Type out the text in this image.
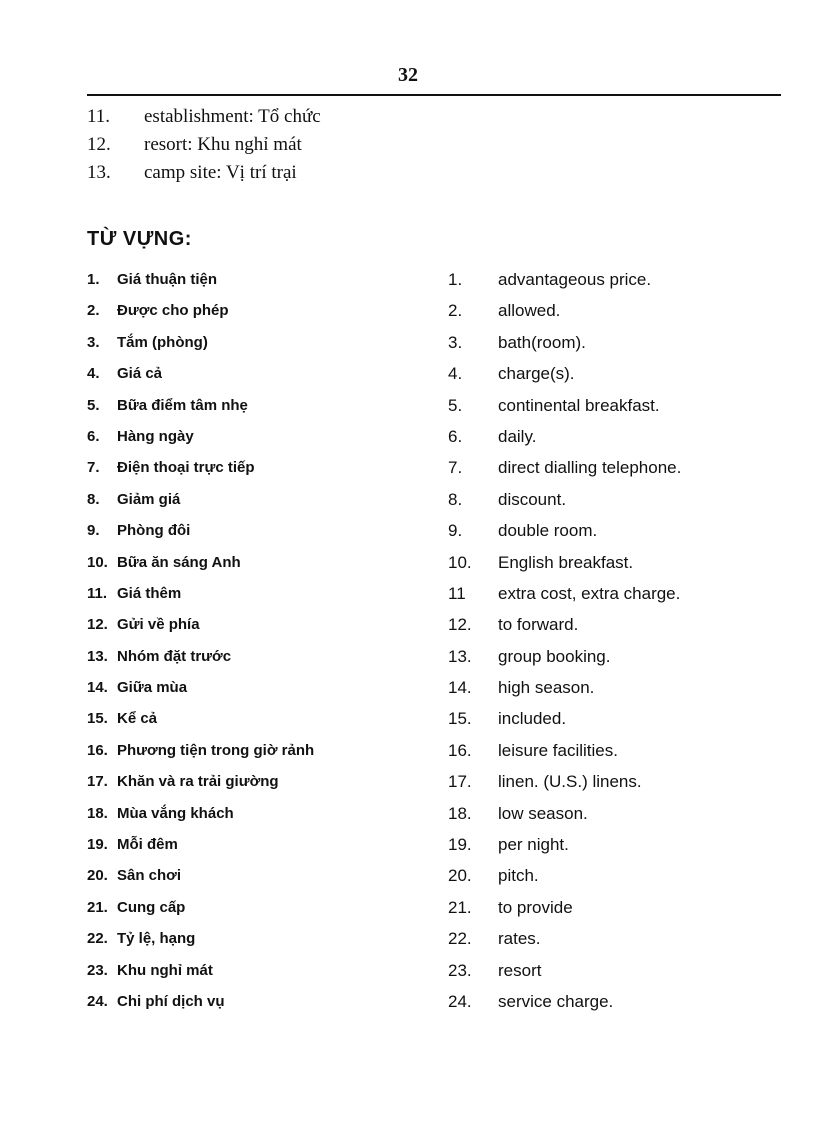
32
11. establishment: Tổ chức
12. resort: Khu nghỉ mát
13. camp site: Vị trí trại
TỪ VỰNG:
1. Giá thuận tiện
2. Được cho phép
3. Tắm (phòng)
4. Giá cả
5. Bữa điểm tâm nhẹ
6. Hàng ngày
7. Điện thoại trực tiếp
8. Giảm giá
9. Phòng đôi
10. Bữa ăn sáng Anh
11. Giá thêm
12. Gửi về phía
13. Nhóm đặt trước
14. Giữa mùa
15. Kể cả
16. Phương tiện trong giờ rảnh
17. Khăn và ra trải giường
18. Mùa vắng khách
19. Mỗi đêm
20. Sân chơi
21. Cung cấp
22. Tỷ lệ, hạng
23. Khu nghỉ mát
24. Chi phí dịch vụ
1. advantageous price.
2. allowed.
3. bath(room).
4. charge(s).
5. continental breakfast.
6. daily.
7. direct dialling telephone.
8. discount.
9. double room.
10. English breakfast.
11 extra cost, extra charge.
12. to forward.
13. group booking.
14. high season.
15. included.
16. leisure facilities.
17. linen. (U.S.) linens.
18. low season.
19. per night.
20. pitch.
21. to provide
22. rates.
23. resort
24. service charge.
